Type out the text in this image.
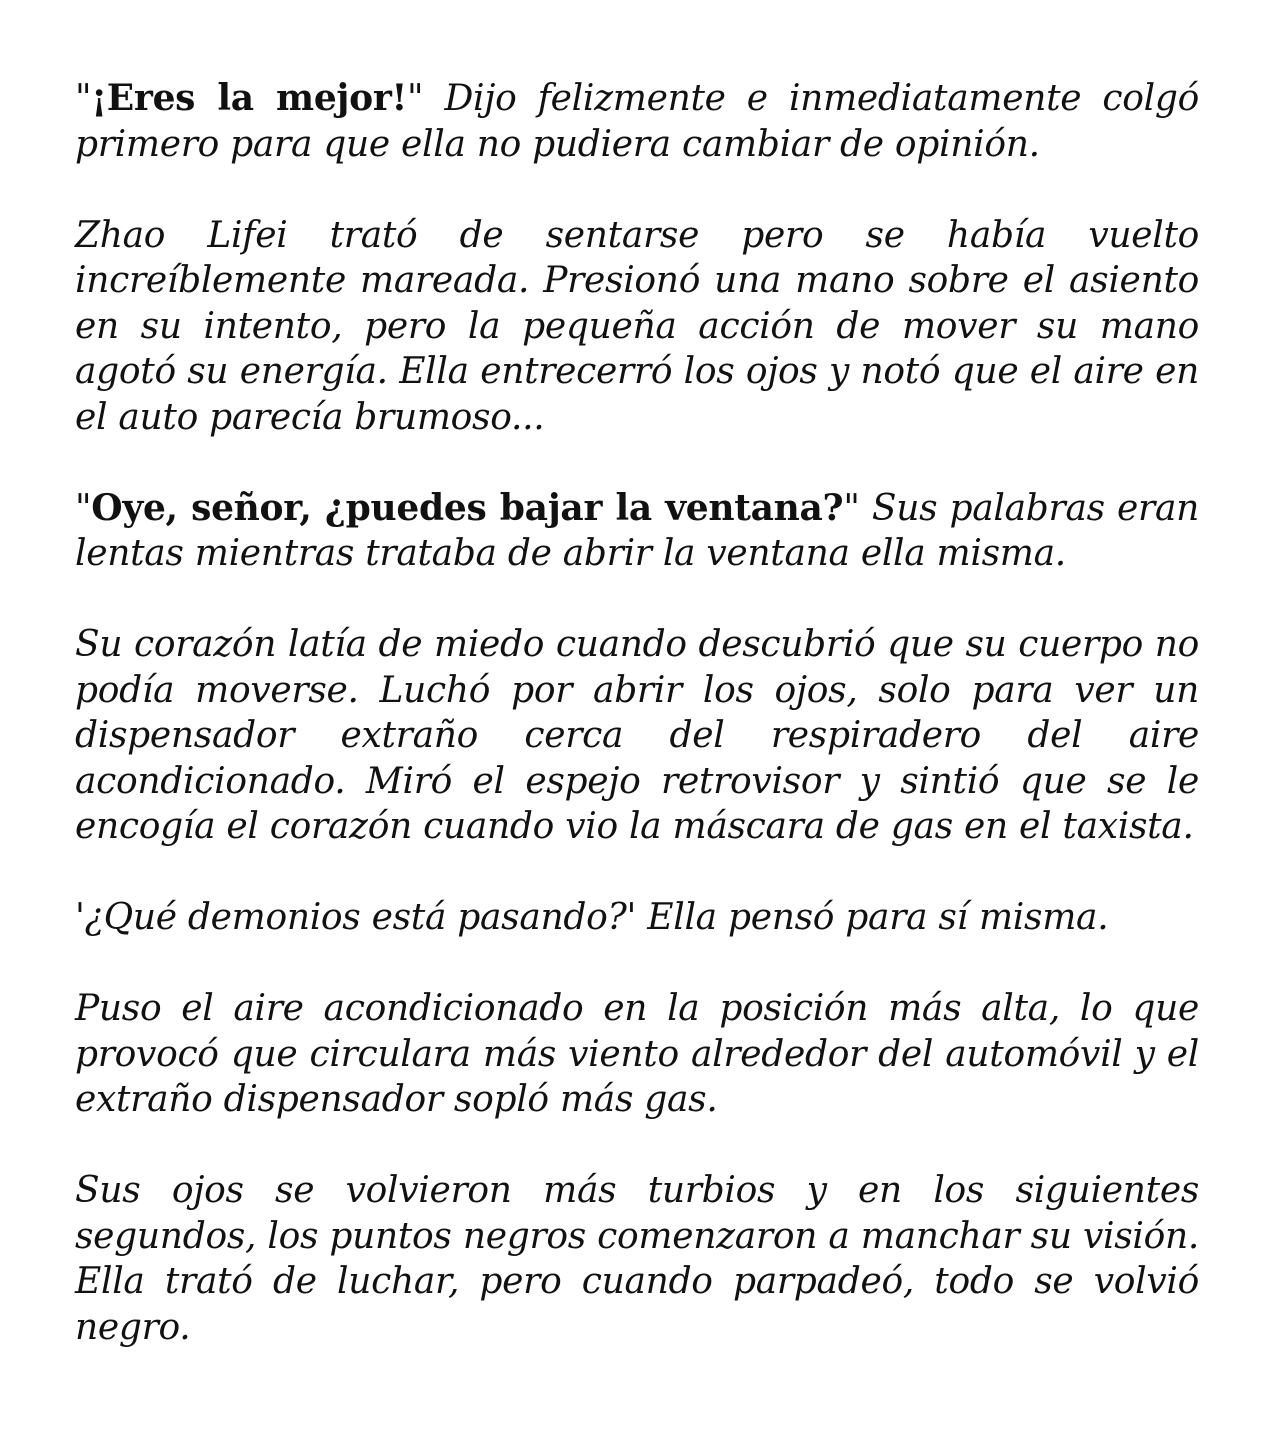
"¡Eres la mejor!" Dijo felizmente e inmediatamente colgó primero para que ella no pudiera cambiar de opinión.

Zhao Lifei trató de sentarse pero se había vuelto increíblemente mareada. Presionó una mano sobre el asiento en su intento, pero la pequeña acción de mover su mano agotó su energía. Ella entrecerró los ojos y notó que el aire en el auto parecía brumoso...

"Oye, señor, ¿puedes bajar la ventana?" Sus palabras eran lentas mientras trataba de abrir la ventana ella misma.

Su corazón latía de miedo cuando descubrió que su cuerpo no podía moverse. Luchó por abrir los ojos, solo para ver un dispensador extraño cerca del respiradero del aire acondicionado. Miró el espejo retrovisor y sintió que se le encogía el corazón cuando vio la máscara de gas en el taxista.

'¿Qué demonios está pasando?' Ella pensó para sí misma.

Puso el aire acondicionado en la posición más alta, lo que provocó que circulara más viento alrededor del automóvil y el extraño dispensador sopló más gas.

Sus ojos se volvieron más turbios y en los siguientes segundos, los puntos negros comenzaron a manchar su visión. Ella trató de luchar, pero cuando parpadeó, todo se volvió negro.
